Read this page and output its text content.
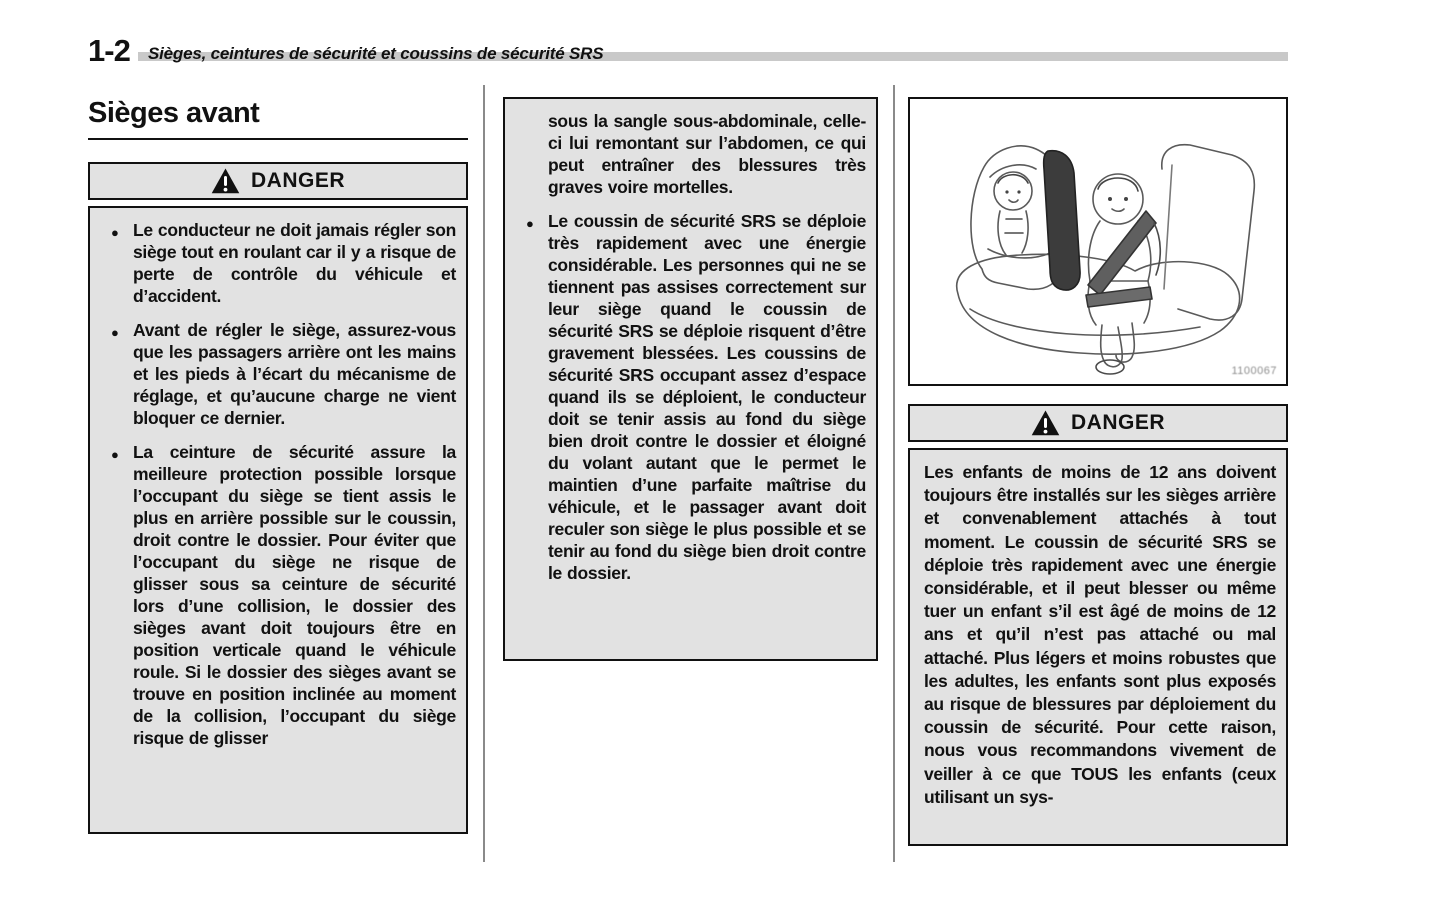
1-2	Sièges, ceintures de sécurité et coussins de sécurité SRS
Sièges avant
DANGER
● Le conducteur ne doit jamais régler son siège tout en roulant car il y a risque de perte de contrôle du véhicule et d’accident.
● Avant de régler le siège, assurez-vous que les passagers arrière ont les mains et les pieds à l’écart du mécanisme de réglage, et qu’aucune charge ne vient bloquer ce dernier.
● La ceinture de sécurité assure la meilleure protection possible lorsque l’occupant du siège se tient assis le plus en arrière possible sur le coussin, droit contre le dossier. Pour éviter que l’occupant du siège ne risque de glisser sous sa ceinture de sécurité lors d’une collision, le dossier des sièges avant doit toujours être en position verticale quand le véhicule roule. Si le dossier des sièges avant se trouve en position inclinée au moment de la collision, l’occupant du siège risque de glisser
sous la sangle sous-abdominale, celle-ci lui remontant sur l’abdomen, ce qui peut entraîner des blessures très graves voire mortelles.
● Le coussin de sécurité SRS se déploie très rapidement avec une énergie considérable. Les personnes qui ne se tiennent pas assises correctement sur leur siège quand le coussin de sécurité SRS se déploie risquent d’être gravement blessées. Les coussins de sécurité SRS occupant assez d’espace quand ils se déploient, le conducteur doit se tenir assis au fond du siège bien droit contre le dossier et éloigné du volant autant que le permet le maintien d’une parfaite maîtrise du véhicule, et le passager avant doit reculer son siège le plus possible et se tenir au fond du siège bien droit contre le dossier.
1100067
DANGER
Les enfants de moins de 12 ans doivent toujours être installés sur les sièges arrière et convenablement attachés à tout moment. Le coussin de sécurité SRS se déploie très rapidement avec une énergie considérable, et il peut blesser ou même tuer un enfant s’il est âgé de moins de 12 ans et qu’il n’est pas attaché ou mal attaché. Plus légers et moins robustes que les adultes, les enfants sont plus exposés au risque de blessures par déploiement du coussin de sécurité. Pour cette raison, nous vous recommandons vivement de veiller à ce que TOUS les enfants (ceux utilisant un sys-
